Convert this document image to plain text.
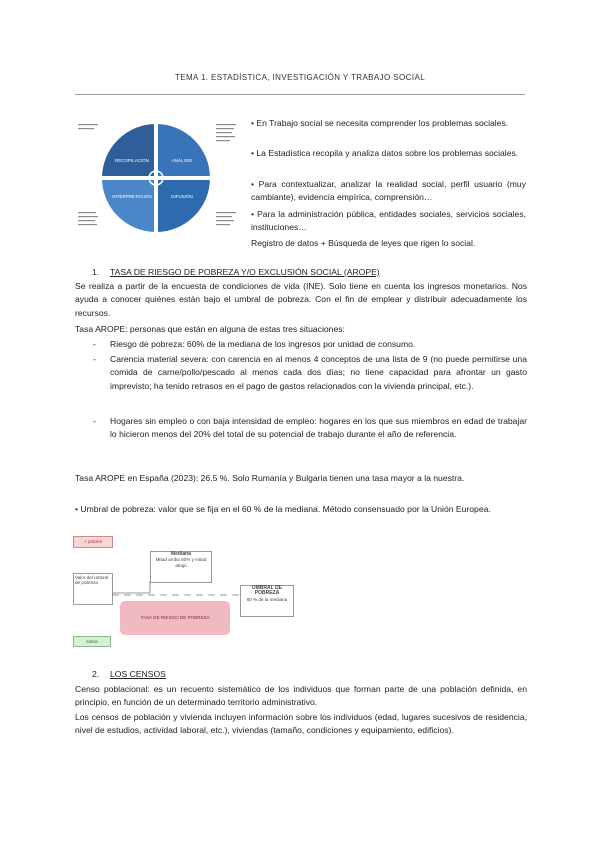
TEMA 1. ESTADÍSTICA, INVESTIGACIÓN Y TRABAJO SOCIAL
RECOPILACIÓN	ANÁLISIS
DIFUSIÓN
INTERPRETACIÓN
• En Trabajo social se necesita comprender los problemas sociales.
• La Estadística recopila y analiza datos sobre los problemas sociales.
• Para contextualizar, analizar la realidad social, perfil usuario (muy cambiante), evidencia empírica, comprensión…
• Para la administración pública, entidades sociales, servicios sociales, instituciones…
Registro de datos + Búsqueda de leyes que rigen lo social.
1. TASA DE RIESGO DE POBREZA Y/O EXCLUSIÓN SOCIAL (AROPE)
Se realiza a partir de la encuesta de condiciones de vida (INE). Solo tiene en cuenta los ingresos monetarios. Nos ayuda a conocer quiénes están bajo el umbral de pobreza. Con el fin de emplear y distribuir adecuadamente los recursos.
Tasa AROPE: personas que están en alguna de estas tres situaciones:
- Riesgo de pobreza: 60% de la mediana de los ingresos por unidad de consumo.
- Carencia material severa: con carencia en al menos 4 conceptos de una lista de 9 (no puede permitirse una comida de carne/pollo/pescado al menos cada dos días; no tiene capacidad para afrontar un gasto imprevisto; ha tenido retrasos en el pago de gastos relacionados con la vivienda principal, etc.).
- Hogares sin empleo o con baja intensidad de empleo: hogares en los que sus miembros en edad de trabajar lo hicieron menos del 20% del total de su potencial de trabajo durante el año de referencia.
Tasa AROPE en España (2023): 26.5 %. Solo Rumanía y Bulgaria tienen una tasa mayor a la nuestra.
• Umbral de pobreza: valor que se fija en el 60 % de la mediana. Método consensuado por la Unión Europea.
+ pobres
Mediana
Mitad arriba 50% y mitad abajo
Valor del umbral de pobreza
TASA DE RIESGO DE POBREZA
sobra
UMBRAL DE POBREZA
60 % de la mediana
2. LOS CENSOS
Censo poblacional: es un recuento sistemático de los individuos que forman parte de una población definida, en principio, en función de un determinado territorio administrativo.
Los censos de población y vivienda incluyen información sobre los individuos (edad, lugares sucesivos de residencia, nivel de estudios, actividad laboral, etc.), viviendas (tamaño, condiciones y equipamiento, edificios).
